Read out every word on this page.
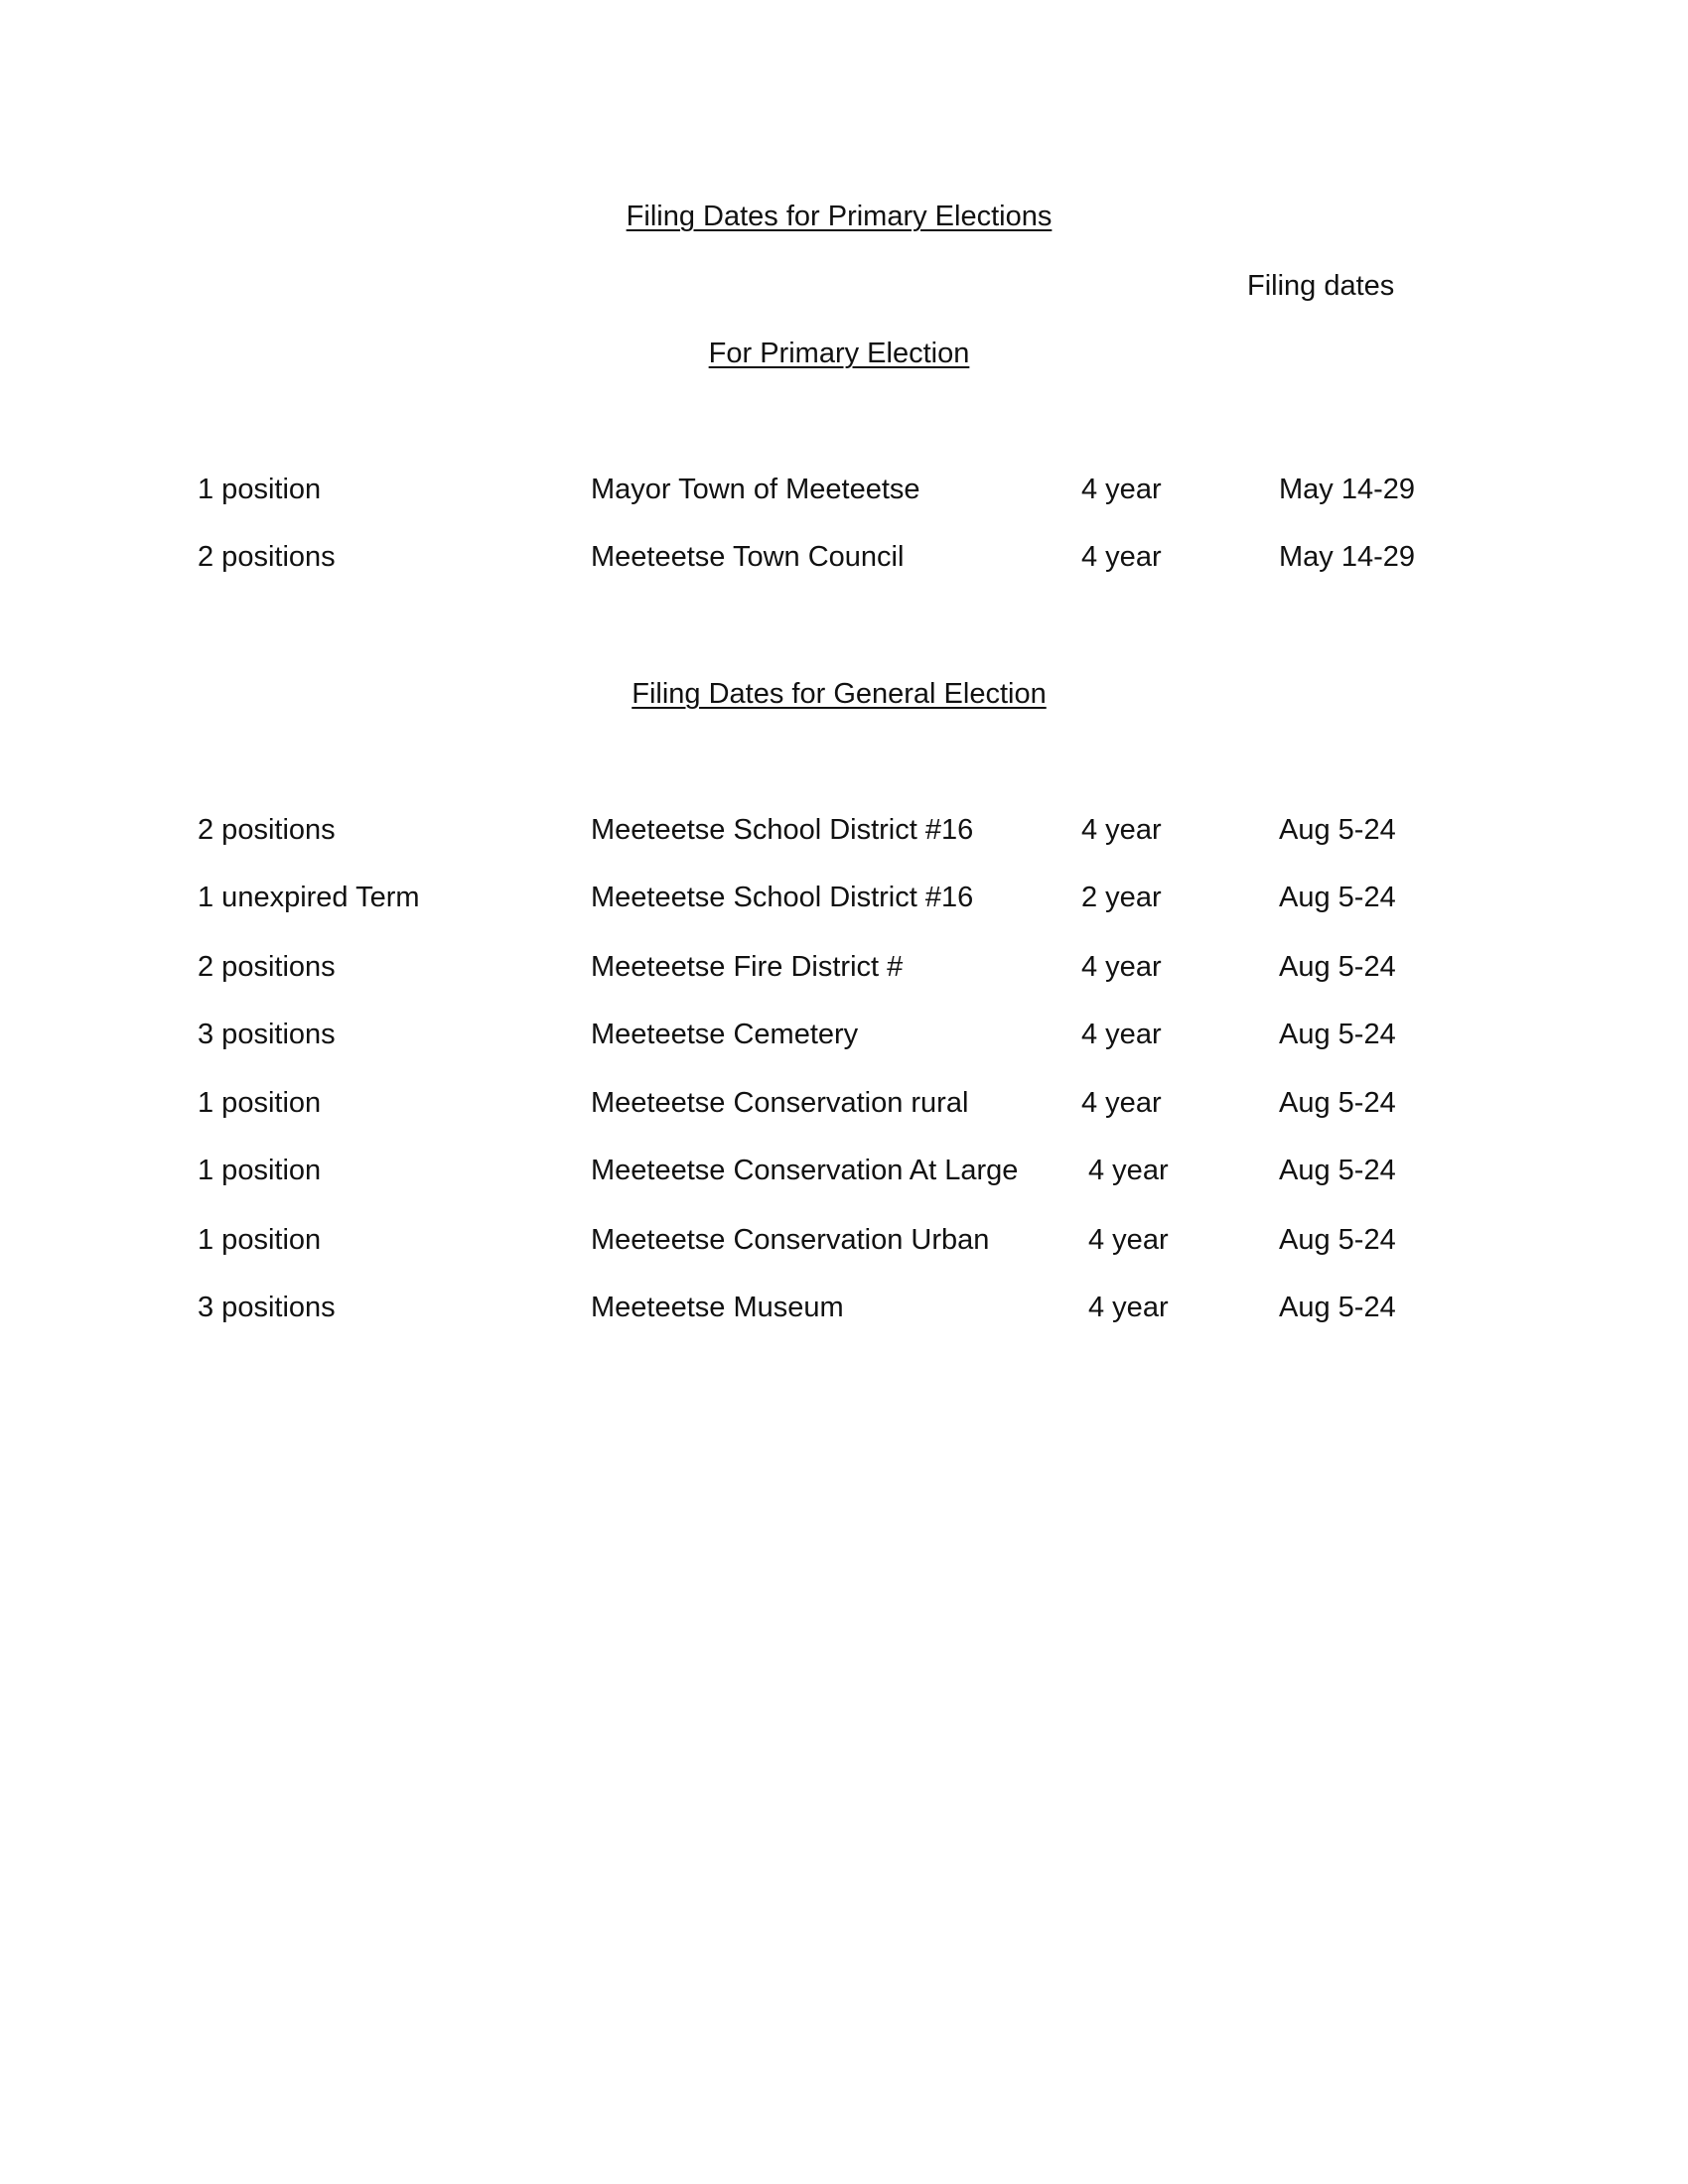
Filing Dates for Primary Elections
Filing dates
For Primary Election
1 position	Mayor Town of Meeteetse	4 year	May 14-29
2 positions	Meeteetse Town Council	4 year	May 14-29
Filing Dates for General Election
2 positions	Meeteetse School District #16	4 year	Aug 5-24
1 unexpired Term	Meeteetse School District #16	2 year	Aug 5-24
2 positions	Meeteetse Fire District #	4 year	Aug 5-24
3 positions	Meeteetse Cemetery	4 year	Aug 5-24
1 position	Meeteetse Conservation rural	4 year	Aug 5-24
1 position	Meeteetse Conservation At Large 4 year	Aug 5-24
1 position	Meeteetse Conservation Urban	4 year	Aug 5-24
3 positions	Meeteetse Museum	4 year	Aug 5-24
